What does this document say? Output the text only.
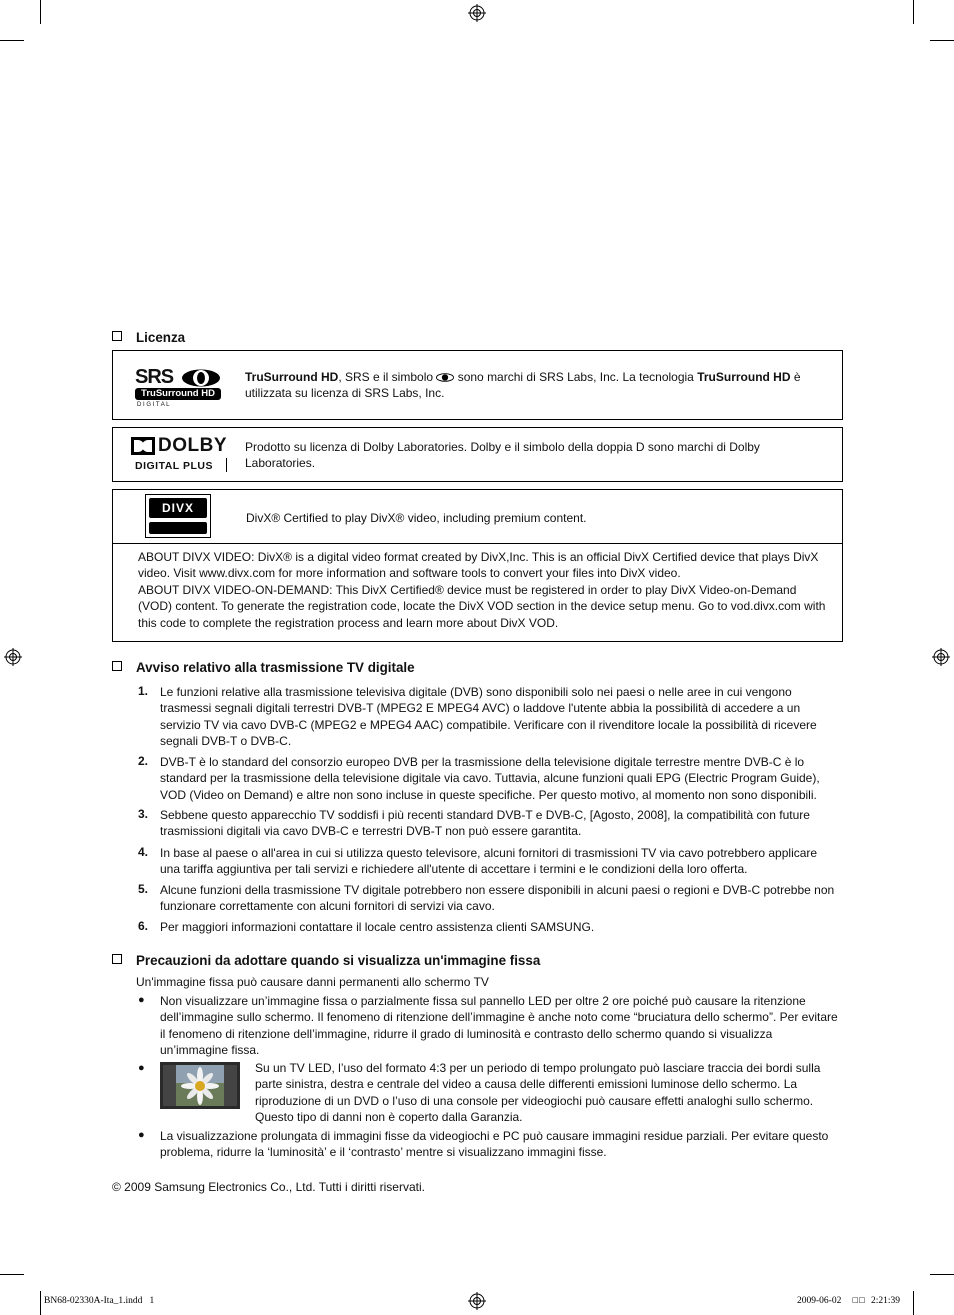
Licenza
SRS
TruSurround HD
D I G I T A L
TruSurround HD, SRS e il simbolo  sono marchi di SRS Labs, Inc. La tecnologia TruSurround HD è utilizzata su licenza di SRS Labs, Inc.
DOLBY
DIGITAL PLUS
Prodotto su licenza di Dolby Laboratories. Dolby e il simbolo della doppia D sono marchi di Dolby Laboratories.
DIVX
DivX® Certified to play DivX® video, including premium content.
ABOUT DIVX VIDEO: DivX® is a digital video format created by DivX,Inc. This is an official DivX Certified device that plays DivX video. Visit www.divx.com for more information and software tools to convert your files into DivX video.
ABOUT DIVX VIDEO-ON-DEMAND: This DivX Certified® device must be registered in order to play DivX Video-on-Demand (VOD) content. To generate the registration code, locate the DivX VOD section in the device setup menu. Go to vod.divx.com with this code to complete the registration process and learn more about DivX VOD.
Avviso relativo alla trasmissione TV digitale
1. Le funzioni relative alla trasmissione televisiva digitale (DVB) sono disponibili solo nei paesi o nelle aree in cui vengono trasmessi segnali digitali terrestri DVB-T (MPEG2 E MPEG4 AVC) o laddove l'utente abbia la possibilità di accedere a un servizio TV via cavo DVB-C (MPEG2 e MPEG4 AAC) compatibile. Verificare con il rivenditore locale la possibilità di ricevere segnali DVB-T o DVB-C.
2. DVB-T è lo standard del consorzio europeo DVB per la trasmissione della televisione digitale terrestre mentre DVB-C è lo standard per la trasmissione della televisione digitale via cavo. Tuttavia, alcune funzioni quali EPG (Electric Program Guide), VOD (Video on Demand) e altre non sono incluse in queste specifiche. Per questo motivo, al momento non sono disponibili.
3. Sebbene questo apparecchio TV soddisfi i più recenti standard DVB-T e DVB-C, [Agosto, 2008], la compatibilità con future trasmissioni digitali via cavo DVB-C e terrestri DVB-T non può essere garantita.
4. In base al paese o all'area in cui si utilizza questo televisore, alcuni fornitori di trasmissioni TV via cavo potrebbero applicare una tariffa aggiuntiva per tali servizi e richiedere all'utente di accettare i termini e le condizioni della loro offerta.
5. Alcune funzioni della trasmissione TV digitale potrebbero non essere disponibili in alcuni paesi o regioni e DVB-C potrebbe non funzionare correttamente con alcuni fornitori di servizi via cavo.
6. Per maggiori informazioni contattare il locale centro assistenza clienti SAMSUNG.
Precauzioni da adottare quando si visualizza un'immagine fissa
Un'immagine fissa può causare danni permanenti allo schermo TV
● Non visualizzare un’immagine fissa o parzialmente fissa sul pannello LED per oltre 2 ore poiché può causare la ritenzione dell’immagine sullo schermo. Il fenomeno di ritenzione dell’immagine è anche noto come “bruciatura dello schermo”. Per evitare il fenomeno di ritenzione dell’immagine, ridurre il grado di luminosità e contrasto dello schermo quando si visualizza un’immagine fissa.
●	Su un TV LED, l’uso del formato 4:3 per un periodo di tempo prolungato può lasciare traccia dei bordi sulla parte sinistra, destra e centrale del video a causa delle differenti emissioni luminose dello schermo. La riproduzione di un DVD o l’uso di una console per videogiochi può causare effetti analoghi sullo schermo. Questo tipo di danni non è coperto dalla Garanzia.
● La visualizzazione prolungata di immagini fisse da videogiochi e PC può causare immagini residue parziali. Per evitare questo problema, ridurre la ‘luminosità’ e il ‘contrasto’ mentre si visualizzano immagini fisse.
© 2009 Samsung Electronics Co., Ltd. Tutti i diritti riservati.
BN68-02330A-Ita_1.indd   1	2009-06-02 □□ 2:21:39
